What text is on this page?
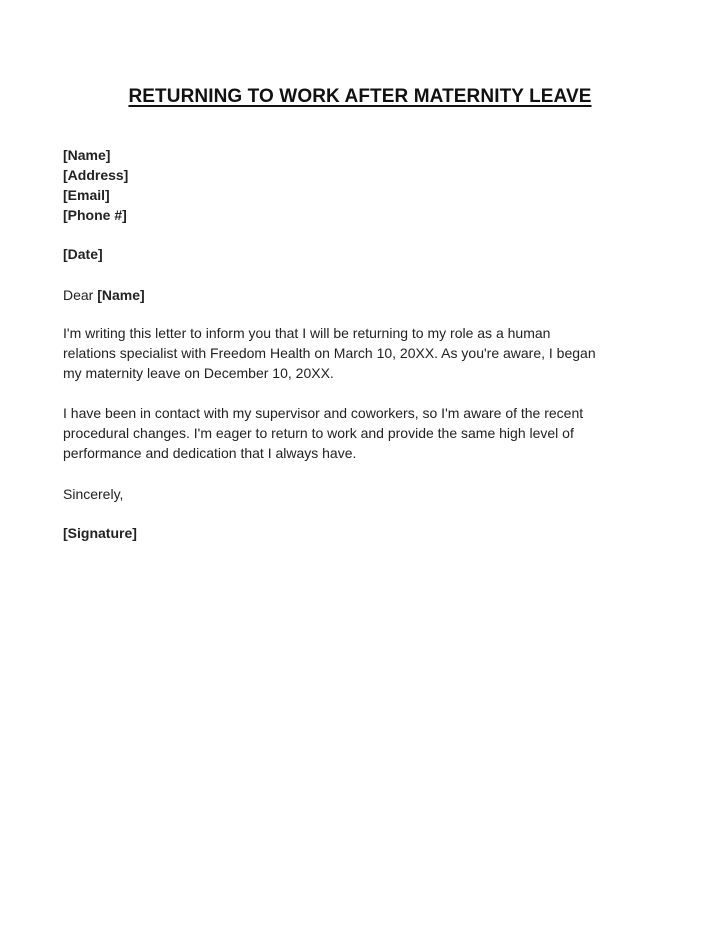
RETURNING TO WORK AFTER MATERNITY LEAVE
[Name]
[Address]
[Email]
[Phone #]
[Date]
Dear [Name]

I'm writing this letter to inform you that I will be returning to my role as a human

relations specialist with Freedom Health on March 10, 20XX. As you're aware, I began

my maternity leave on December 10, 20XX.

I have been in contact with my supervisor and coworkers, so I'm aware of the recent

procedural changes. I'm eager to return to work and provide the same high level of

performance and dedication that I always have.

Sincerely,
[Signature]
